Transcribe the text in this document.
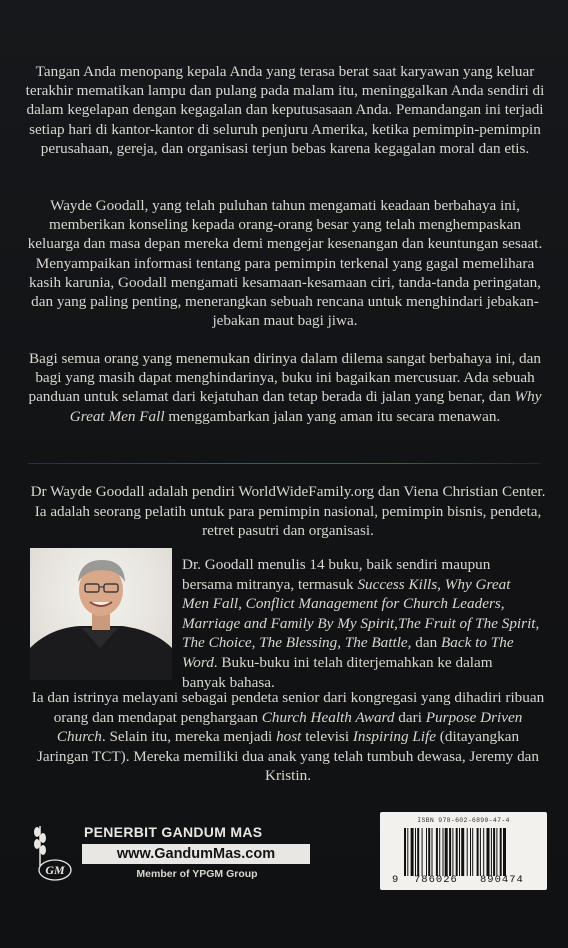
Tangan Anda menopang kepala Anda yang terasa berat saat karyawan yang keluar terakhir mematikan lampu dan pulang pada malam itu, meninggalkan Anda sendiri di dalam kegelapan dengan kegagalan dan keputusasaan Anda. Pemandangan ini terjadi setiap hari di kantor-kantor di seluruh penjuru Amerika, ketika pemimpin-pemimpin perusahaan, gereja, dan organisasi terjun bebas karena kegagalan moral dan etis.

Wayde Goodall, yang telah puluhan tahun mengamati keadaan berbahaya ini, memberikan konseling kepada orang-orang besar yang telah menghempaskan keluarga dan masa depan mereka demi mengejar kesenangan dan keuntungan sesaat. Menyampaikan informasi tentang para pemimpin terkenal yang gagal memelihara kasih karunia, Goodall mengamati kesamaan-kesamaan ciri, tanda-tanda peringatan, dan yang paling penting, menerangkan sebuah rencana untuk menghindari jebakan-jebakan maut bagi jiwa.

Bagi semua orang yang menemukan dirinya dalam dilema sangat berbahaya ini, dan bagi yang masih dapat menghindarinya, buku ini bagaikan mercusuar. Ada sebuah panduan untuk selamat dari kejatuhan dan tetap berada di jalan yang benar, dan Why Great Men Fall menggambarkan jalan yang aman itu secara menawan.

Dr Wayde Goodall adalah pendiri WorldWideFamily.org dan Viena Christian Center. Ia adalah seorang pelatih untuk para pemimpin nasional, pemimpin bisnis, pendeta, retret pasutri dan organisasi.

Dr. Goodall menulis 14 buku, baik sendiri maupun bersama mitranya, termasuk Success Kills, Why Great Men Fall, Conflict Management for Church Leaders, Marriage and Family By My Spirit,The Fruit of The Spirit, The Choice, The Blessing, The Battle, dan Back to The Word. Buku-buku ini telah diterjemahkan ke dalam banyak bahasa.

Ia dan istrinya melayani sebagai pendeta senior dari kongregasi yang dihadiri ribuan orang dan mendapat penghargaan Church Health Award dari Purpose Driven Church. Selain itu, mereka menjadi host televisi Inspiring Life (ditayangkan Jaringan TCT). Mereka memiliki dua anak yang telah tumbuh dewasa, Jeremy dan Kristin.

GM
PENERBIT GANDUM MAS
www.GandumMas.com
Member of YPGM Group
ISBN 978-602-6890-47-4
9 786026 890474
